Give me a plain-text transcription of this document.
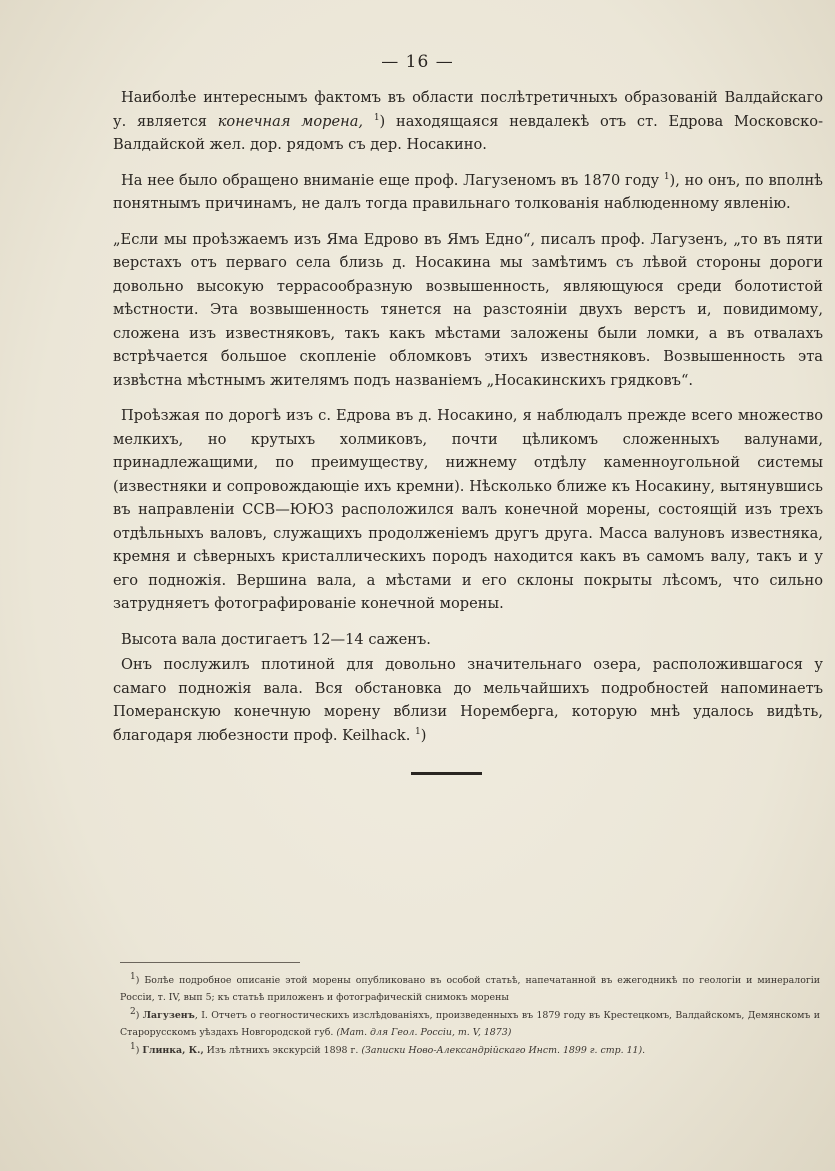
— 16 —

Наиболѣе интереснымъ фактомъ въ области послѣтретичныхъ образованій Валдайскаго у. является конечная морена, $^1$) находящаяся невдалекѣ отъ ст. Едрова Московско-Валдайской жел. дор. рядомъ съ дер. Носакино.

На нее было обращено вниманіе еще проф. Лагузеномъ въ 1870 году $^1$), но онъ, по вполнѣ понятнымъ причинамъ, не далъ тогда правильнаго толкованія наблюденному явленію.

„Если мы проѣзжаемъ изъ Яма Едрово въ Ямъ Едно“, писалъ проф. Лагузенъ, „то въ пяти верстахъ отъ перваго села близь д. Носакина мы замѣтимъ съ лѣвой стороны дороги довольно высокую террасообразную возвышенность, являющуюся среди болотистой мѣстности. Эта возвышенность тянется на разстояніи двухъ верстъ и, повидимому, сложена изъ известняковъ, такъ какъ мѣстами заложены были ломки, а въ отвалахъ встрѣчается большое скопленіе обломковъ этихъ известняковъ. Возвышенность эта извѣстна мѣстнымъ жителямъ подъ названіемъ „Носакинскихъ грядковъ“.

Проѣзжая по дорогѣ изъ с. Едрова въ д. Носакино, я наблюдалъ прежде всего множество мелкихъ, но крутыхъ холмиковъ, почти цѣликомъ сложенныхъ валунами, принадлежащими, по преимуществу, нижнему отдѣлу каменноугольной системы (известняки и сопровождающіе ихъ кремни). Нѣсколько ближе къ Носакину, вытянувшись въ направленіи ССВ—ЮЮЗ расположился валъ конечной морены, состоящій изъ трехъ отдѣльныхъ валовъ, служащихъ продолженіемъ другъ друга. Масса валуновъ известняка, кремня и сѣверныхъ кристаллическихъ породъ находится какъ въ самомъ валу, такъ и у его подножія. Вершина вала, а мѣстами и его склоны покрыты лѣсомъ, что сильно затрудняетъ фотографированіе конечной морены.

Высота вала достигаетъ 12—14 саженъ.

Онъ послужилъ плотиной для довольно значительнаго озера, расположившагося у самаго подножія вала. Вся обстановка до мельчайшихъ подробностей напоминаетъ Померанскую конечную морену вблизи Норемберга, которую мнѣ удалось видѣть, благодаря любезности проф. Keilhack. $^1$)

1) Болѣе подробное описаніе этой морены опубликовано въ особой статьѣ, напечатанной въ ежегодникѣ по геологіи и минералогіи Россіи, т. IV, вып 5; къ статьѣ приложенъ и фотографическій снимокъ морены

2) Лагузенъ, I. Отчетъ о геогностическихъ изслѣдованіяхъ, произведенныхъ въ 1879 году въ Крестецкомъ, Валдайскомъ, Демянскомъ и Старорусскомъ уѣздахъ Новгородской губ. (Мат. для Геол. Россіи, т. V, 1873)

1) Глинка, К., Изъ лѣтнихъ экскурсій 1898 г. (Записки Ново-Александрійскаго Инст. 1899 г. стр. 11).
